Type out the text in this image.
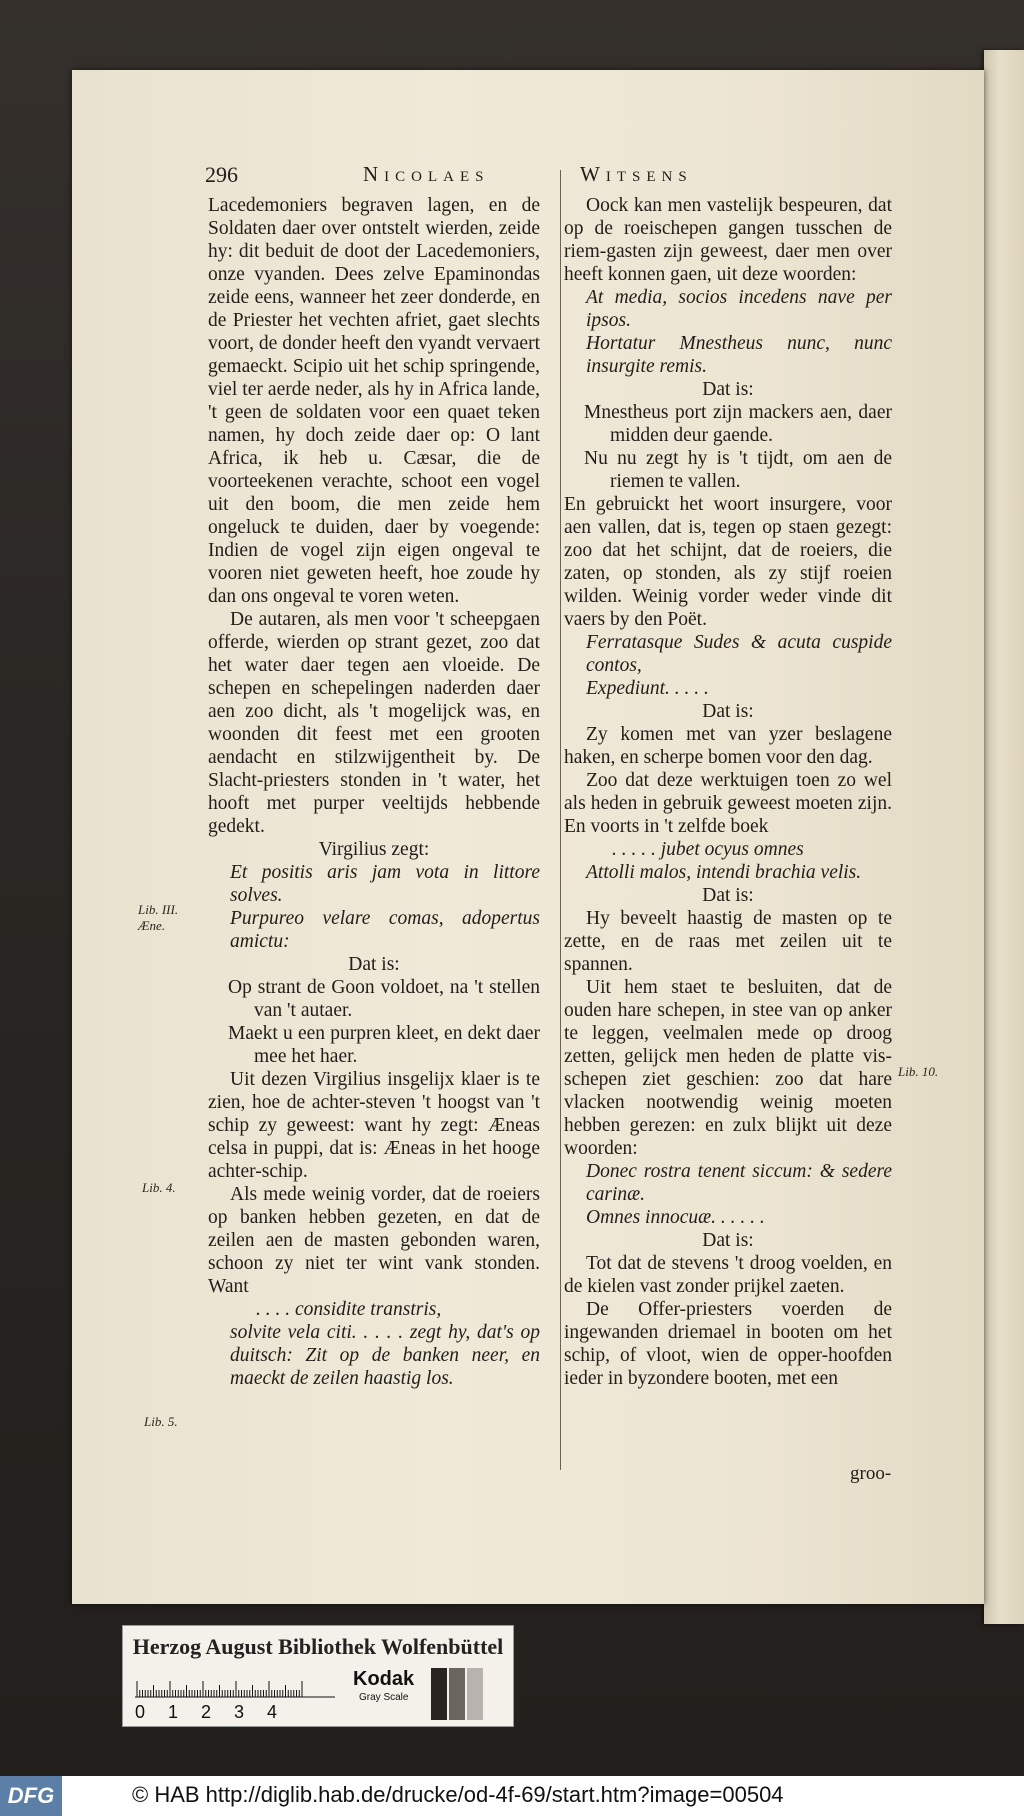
296	Nicolaes	Witsens

Lacedemoniers begraven lagen, en de Soldaten daer over ontstelt wierden, zeide hy: dit beduit de doot der Lacedemoniers, onze vyanden. Dees zelve Epaminondas zeide eens, wanneer het zeer donderde, en de Priester het vechten afriet, gaet slechts voort, de donder heeft den vyandt vervaert gemaeckt. Scipio uit het schip springende, viel ter aerde neder, als hy in Africa lande, 't geen de soldaten voor een quaet teken namen, hy doch zeide daer op: O lant Africa, ik heb u. Cæsar, die de voorteekenen verachte, schoot een vogel uit den boom, die men zeide hem ongeluck te duiden, daer by voegende: Indien de vogel zijn eigen ongeval te vooren niet geweten heeft, hoe zoude hy dan ons ongeval te voren weten.

De autaren, als men voor 't scheepgaen offerde, wierden op strant gezet, zoo dat het water daer tegen aen vloeide. De schepen en schepelingen naderden daer aen zoo dicht, als 't mogelijck was, en woonden dit feest met een grooten aendacht en stilzwijgentheit by. De Slacht-priesters stonden in 't water, het hooft met purper veeltijds hebbende gedekt.

Virgilius zegt:

Et positis aris jam vota in littore solves.

Purpureo velare comas, adopertus amictu:

Dat is:

Op strant de Goon voldoet, na 't stellen van 't autaer.

Maekt u een purpren kleet, en dekt daer mee het haer.

Uit dezen Virgilius insgelijx klaer is te zien, hoe de achter-steven 't hoogst van 't schip zy geweest: want hy zegt: Æneas celsa in puppi, dat is: Æneas in het hooge achter-schip.

Als mede weinig vorder, dat de roeiers op banken hebben gezeten, en dat de zeilen aen de masten gebonden waren, schoon zy niet ter wint vank stonden. Want

. . . . considite transtris,

solvite vela citi. . . . . zegt hy, dat's op duitsch: Zit op de banken neer, en maeckt de zeilen haastig los.

Oock kan men vastelijk bespeuren, dat op de roeischepen gangen tusschen de riem-gasten zijn geweest, daer men over heeft konnen gaen, uit deze woorden:

At media, socios incedens nave per ipsos.

Hortatur Mnestheus nunc, nunc insurgite remis.

Dat is:

Mnestheus port zijn mackers aen, daer midden deur gaende.

Nu nu zegt hy is 't tijdt, om aen de riemen te vallen.

En gebruickt het woort insurgere, voor aen vallen, dat is, tegen op staen gezegt: zoo dat het schijnt, dat de roeiers, die zaten, op stonden, als zy stijf roeien wilden. Weinig vorder weder vinde dit vaers by den Poët.

Ferratasque Sudes & acuta cuspide contos,

Expediunt. . . . .

Dat is:

Zy komen met van yzer beslagene haken, en scherpe bomen voor den dag.

Zoo dat deze werktuigen toen zo wel als heden in gebruik geweest moeten zijn. En voorts in 't zelfde boek

. . . . . jubet ocyus omnes

Attolli malos, intendi brachia velis.

Dat is:

Hy beveelt haastig de masten op te zette, en de raas met zeilen uit te spannen.

Uit hem staet te besluiten, dat de ouden hare schepen, in stee van op anker te leggen, veelmalen mede op droog zetten, gelijck men heden de platte vis-schepen ziet geschien: zoo dat hare vlacken nootwendig weinig moeten hebben gerezen: en zulx blijkt uit deze woorden:

Donec rostra tenent siccum: & sedere carinæ.

Omnes innocuæ. . . . . .

Dat is:

Tot dat de stevens 't droog voelden, en de kielen vast zonder prijkel zaeten.

De Offer-priesters voerden de ingewanden driemael in booten om het schip, of vloot, wien de opper-hoofden ieder in byzondere booten, met een

groo-
Lib. III. Æne.
Lib. 4.
Lib. 5.
Lib. 10.
Herzog August Bibliothek Wolfenbüttel
0 1 2 3 4
Kodak
Gray Scale
DFG	© HAB http://diglib.hab.de/drucke/od-4f-69/start.htm?image=00504
